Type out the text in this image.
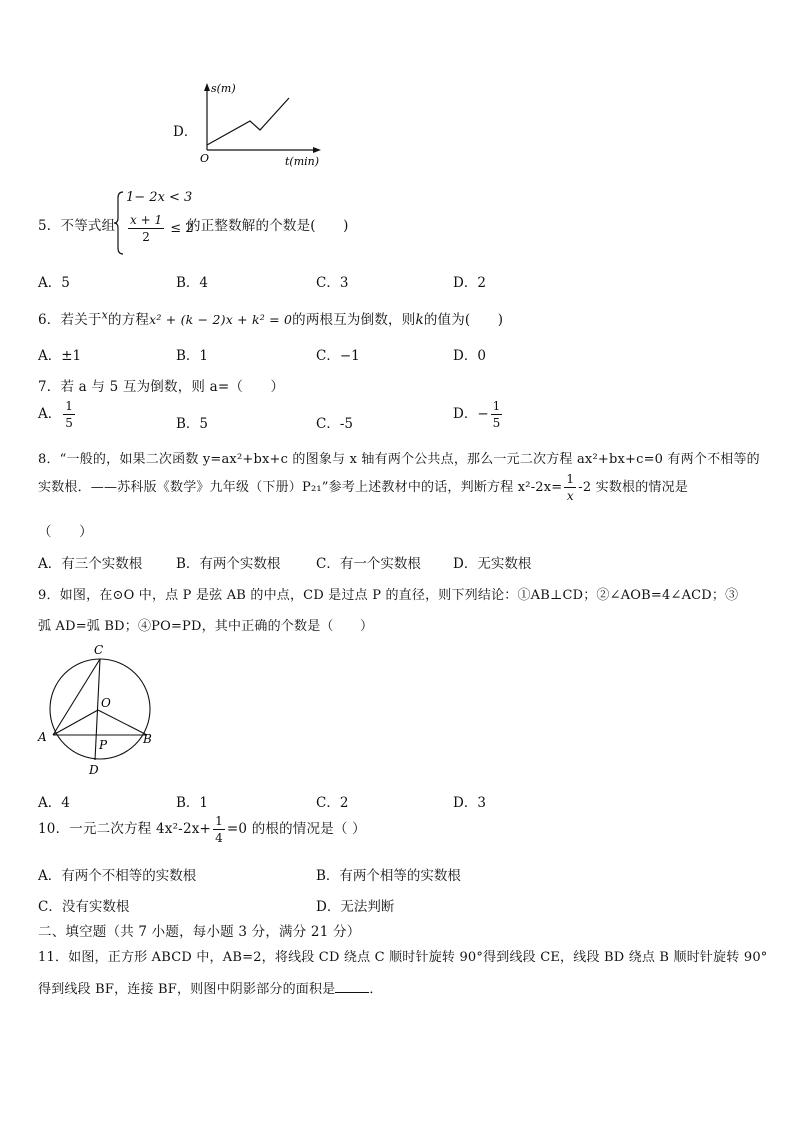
D．
s(m)
O	t(min)
5．不等式组
1− 2x < 3
$\frac{x + 1}{2} \le 2$
的正整数解的个数是(　　)
A．5	B．4	C．3	D．2
6．若关于$^x$的方程x² + (k − 2)x + k² = 0的两根互为倒数，则k的值为(　　)
A．±1	B．1	C．−1	D．0
7．若 a 与 5 互为倒数，则 a=（　　）
A． $\frac{1}{5}$	B．5	C．-5
D．− $\frac{1}{5}$
8．“一般的，如果二次函数 y=ax²+bx+c 的图象与 x 轴有两个公共点，那么一元二次方程 ax²+bx+c=0 有两个不相等的
实数根．——苏科版《数学》九年级（下册）P₂₁”参考上述教材中的话，判断方程 $x^2-2x= \frac{1}{x} -2$ 实数根的情况是
（　　）
A．有三个实数根	B．有两个实数根	C．有一个实数根 D．无实数根
9．如图，在⊙O 中，点 P 是弦 AB 的中点，CD 是过点 P 的直径，则下列结论：①AB⊥CD；②∠AOB=4∠ACD；③
弧 AD=弧 BD；④PO=PD，其中正确的个数是（　　）
C
O
A	B
P
D
A．4	B．1	C．2	D．3
10．一元二次方程 $4x^2-2x+ \frac{1}{4} =0$ 的根的情况是（ ）
A．有两个不相等的实数根	B．有两个相等的实数根
C．没有实数根	D．无法判断
二、填空题（共 7 小题，每小题 3 分，满分 21 分）
11．如图，正方形 ABCD 中，AB=2，将线段 CD 绕点 C 顺时针旋转 90°得到线段 CE，线段 BD 绕点 B 顺时针旋转 90°
得到线段 BF，连接 BF，则图中阴影部分的面积是	．
